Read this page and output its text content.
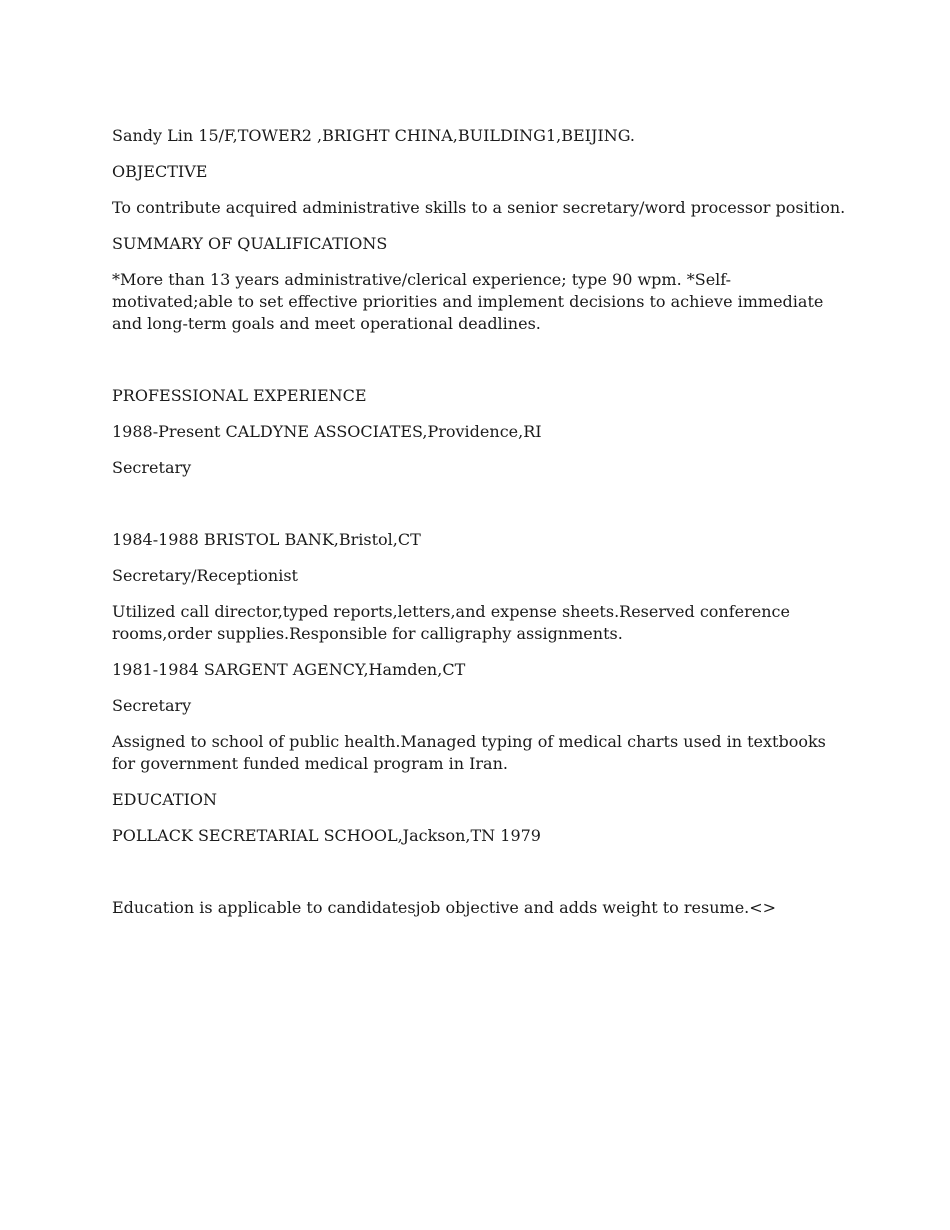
Sandy Lin 15/F,TOWER2 ,BRIGHT CHINA,BUILDING1,BEIJING.

OBJECTIVE

To contribute acquired administrative skills to a senior secretary/word processor position.

SUMMARY OF QUALIFICATIONS

*More than 13 years administrative/clerical experience; type 90 wpm. *Self-motivated;able to set effective priorities and implement decisions to achieve immediate and long-term goals and meet operational deadlines.

PROFESSIONAL EXPERIENCE

1988-Present CALDYNE ASSOCIATES,Providence,RI

Secretary

1984-1988 BRISTOL BANK,Bristol,CT

Secretary/Receptionist

Utilized call director,typed reports,letters,and expense sheets.Reserved conference rooms,order supplies.Responsible for calligraphy assignments.

1981-1984 SARGENT AGENCY,Hamden,CT

Secretary

Assigned to school of public health.Managed typing of medical charts used in textbooks for government funded medical program in Iran.

EDUCATION

POLLACK SECRETARIAL SCHOOL,Jackson,TN 1979

Education is applicable to candidatesjob objective and adds weight to resume.<>
